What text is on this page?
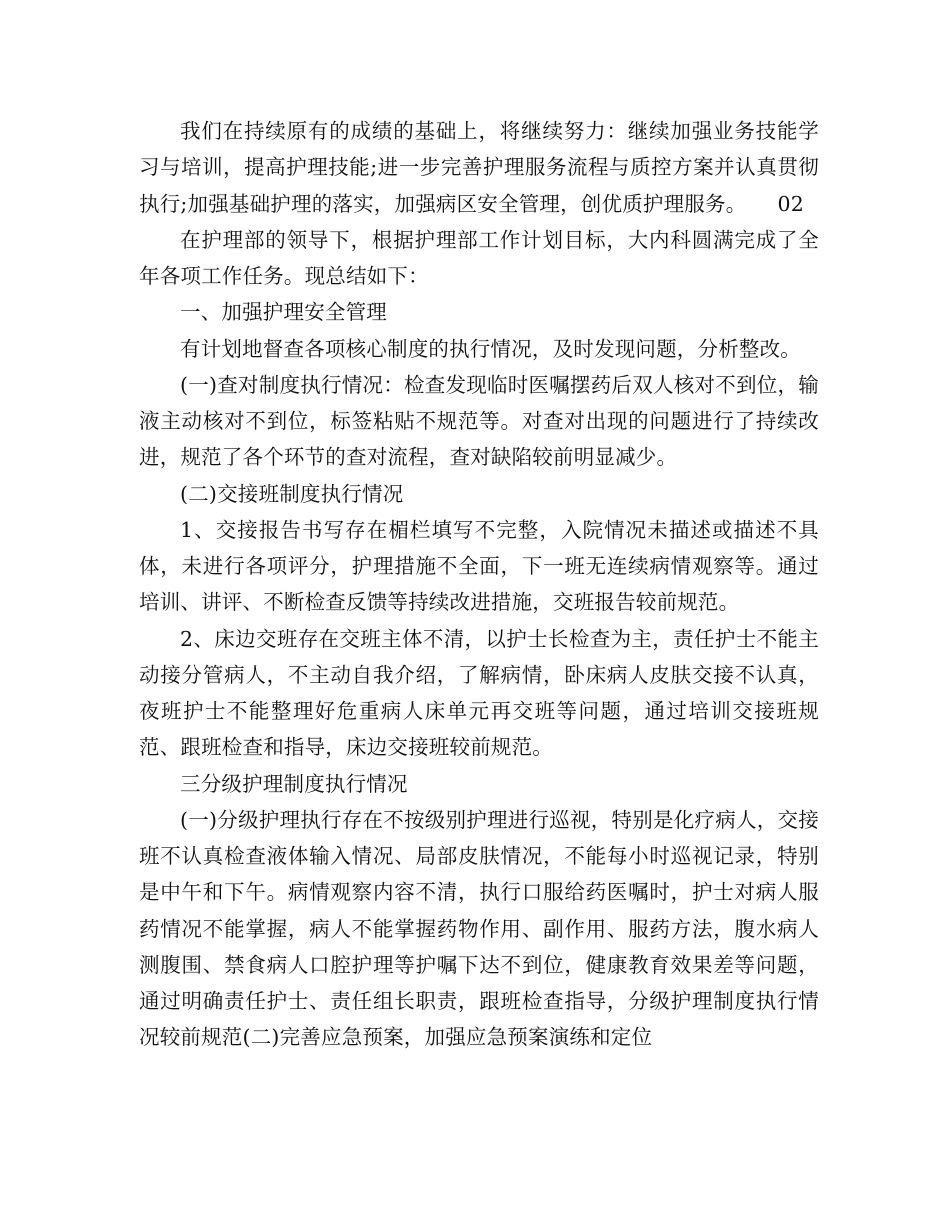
我们在持续原有的成绩的基础上，将继续努力：继续加强业务技能学习与培训，提高护理技能;进一步完善护理服务流程与质控方案并认真贯彻执行;加强基础护理的落实，加强病区安全管理，创优质护理服务。　　02

在护理部的领导下，根据护理部工作计划目标，大内科圆满完成了全年各项工作任务。现总结如下：

一、加强护理安全管理

有计划地督查各项核心制度的执行情况，及时发现问题，分析整改。

(一)查对制度执行情况：检查发现临时医嘱摆药后双人核对不到位，输液主动核对不到位，标签粘贴不规范等。对查对出现的问题进行了持续改进，规范了各个环节的查对流程，查对缺陷较前明显减少。

(二)交接班制度执行情况

1、交接报告书写存在楣栏填写不完整，入院情况未描述或描述不具体，未进行各项评分，护理措施不全面，下一班无连续病情观察等。通过培训、讲评、不断检查反馈等持续改进措施，交班报告较前规范。

2、床边交班存在交班主体不清，以护士长检查为主，责任护士不能主动接分管病人，不主动自我介绍，了解病情，卧床病人皮肤交接不认真，夜班护士不能整理好危重病人床单元再交班等问题，通过培训交接班规范、跟班检查和指导，床边交接班较前规范。

三分级护理制度执行情况

(一)分级护理执行存在不按级别护理进行巡视，特别是化疗病人，交接班不认真检查液体输入情况、局部皮肤情况，不能每小时巡视记录，特别是中午和下午。病情观察内容不清，执行口服给药医嘱时，护士对病人服药情况不能掌握，病人不能掌握药物作用、副作用、服药方法，腹水病人测腹围、禁食病人口腔护理等护嘱下达不到位，健康教育效果差等问题，通过明确责任护士、责任组长职责，跟班检查指导，分级护理制度执行情况较前规范(二)完善应急预案，加强应急预案演练和定位
